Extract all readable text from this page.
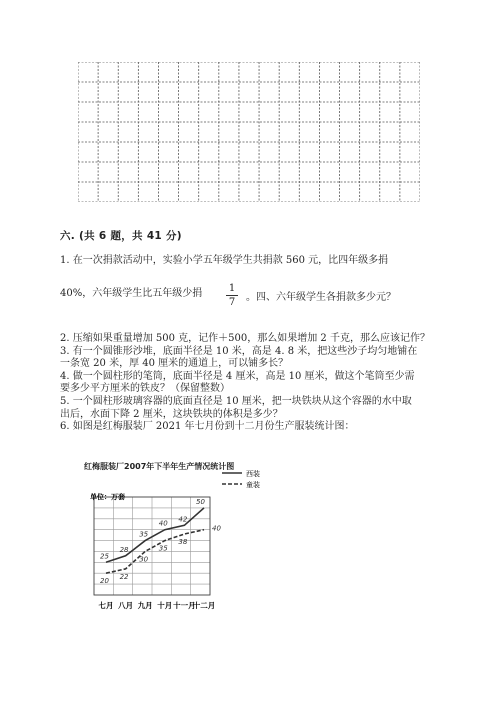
六. (共 6 题，共 41 分)
1. 在一次捐款活动中，实验小学五年级学生共捐款 560 元，比四年级多捐
40%，六年级学生比五年级少捐	1
7 。四、六年级学生各捐款多少元？
2. 压缩如果重量增加 500 克，记作＋500，那么如果增加 2 千克，那么应该记作？
3. 有一个圆锥形沙堆，底面半径是 10 米，高是 4. 8 米，把这些沙子均匀地铺在
一条宽 20 米，厚 40 厘米的通道上，可以铺多长？
4. 做一个圆柱形的笔筒，底面半径是 4 厘米，高是 10 厘米，做这个笔筒至少需
要多少平方厘米的铁皮？（保留整数）
5. 一个圆柱形玻璃容器的底面直径是 10 厘米，把一块铁块从这个容器的水中取
出后，水面下降 2 厘米，这块铁块的体积是多少？
6. 如图是红梅服装厂 2021 年七月份到十二月份生产服装统计图：
红梅服装厂2007年下半年生产情况统计图
单位：万套
西装
童装
25
28
35
40
42
50
20
22
30
35
38
40
七月 八月 九月 十月 十一月
十二月
